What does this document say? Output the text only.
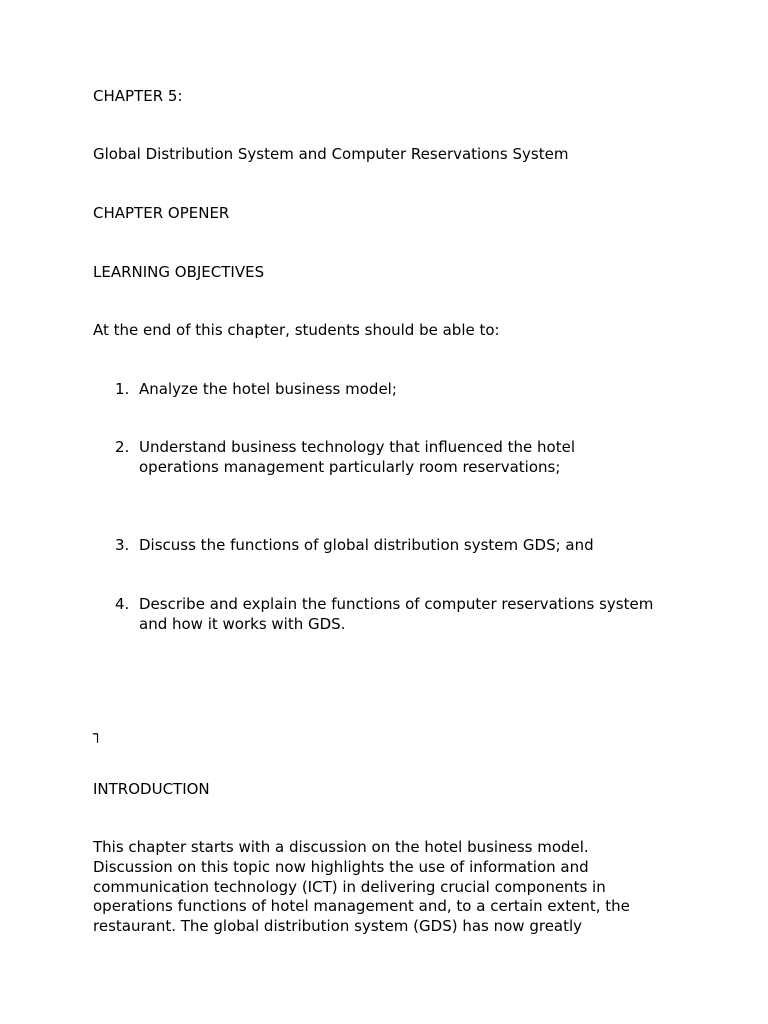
CHAPTER 5:

Global Distribution System and Computer Reservations System

CHAPTER OPENER

LEARNING OBJECTIVES

At the end of this chapter, students should be able to:

1. Analyze the hotel business model;
2. Understand business technology that influenced the hotel operations management particularly room reservations;
3. Discuss the functions of global distribution system GDS; and
4. Describe and explain the functions of computer reservations system and how it works with GDS.
┐

INTRODUCTION

This chapter starts with a discussion on the hotel business model. Discussion on this topic now highlights the use of information and communication technology (ICT) in delivering crucial components in operations functions of hotel management and, to a certain extent, the restaurant. The global distribution system (GDS) has now greatly
